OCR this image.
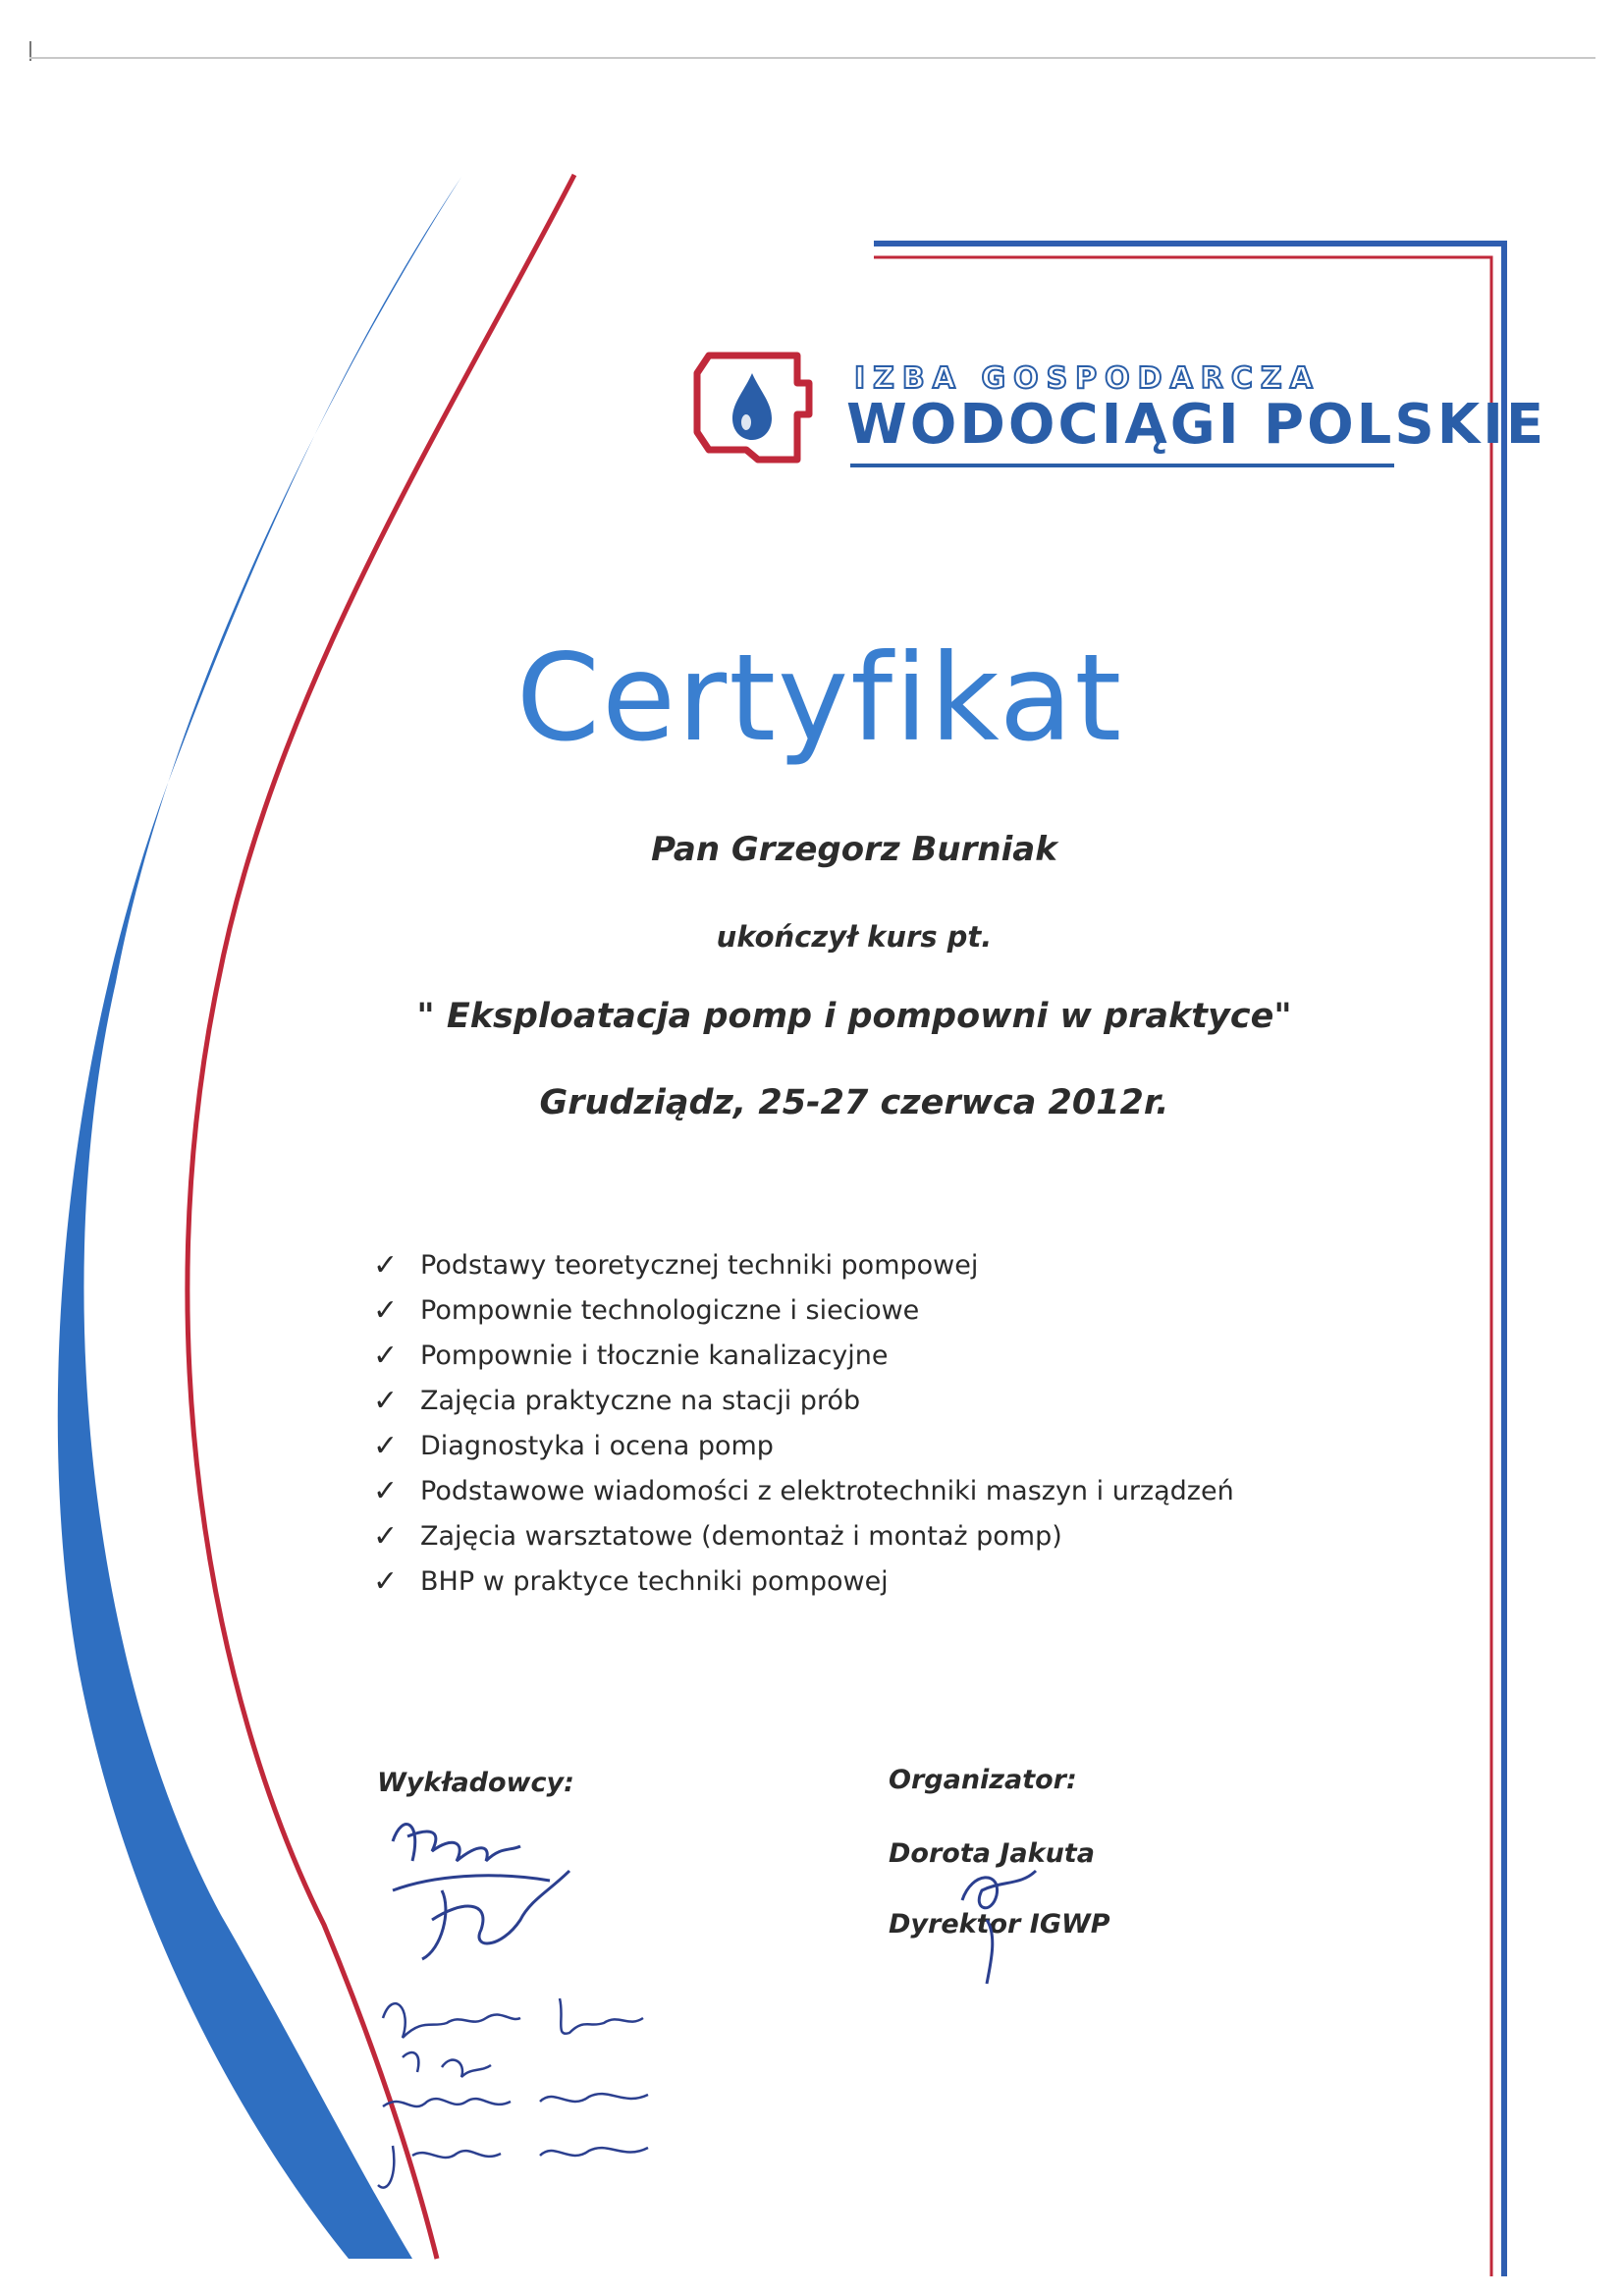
IZBA GOSPODARCZA
WODOCIĄGI POLSKIE
Certyfikat
Pan Grzegorz Burniak
ukończył kurs pt.
" Eksploatacja pomp i pompowni w praktyce"
Grudziądz, 25-27 czerwca 2012r.
✓ Podstawy teoretycznej techniki pompowej
✓ Pompownie technologiczne i sieciowe
✓ Pompownie i tłocznie kanalizacyjne
✓ Zajęcia praktyczne na stacji prób
✓ Diagnostyka i ocena pomp
✓ Podstawowe wiadomości z elektrotechniki maszyn i urządzeń
✓ Zajęcia warsztatowe (demontaż i montaż pomp)
✓ BHP w praktyce techniki pompowej
Wykładowcy:	Organizator:
Dorota Jakuta
Dyrektor IGWP
